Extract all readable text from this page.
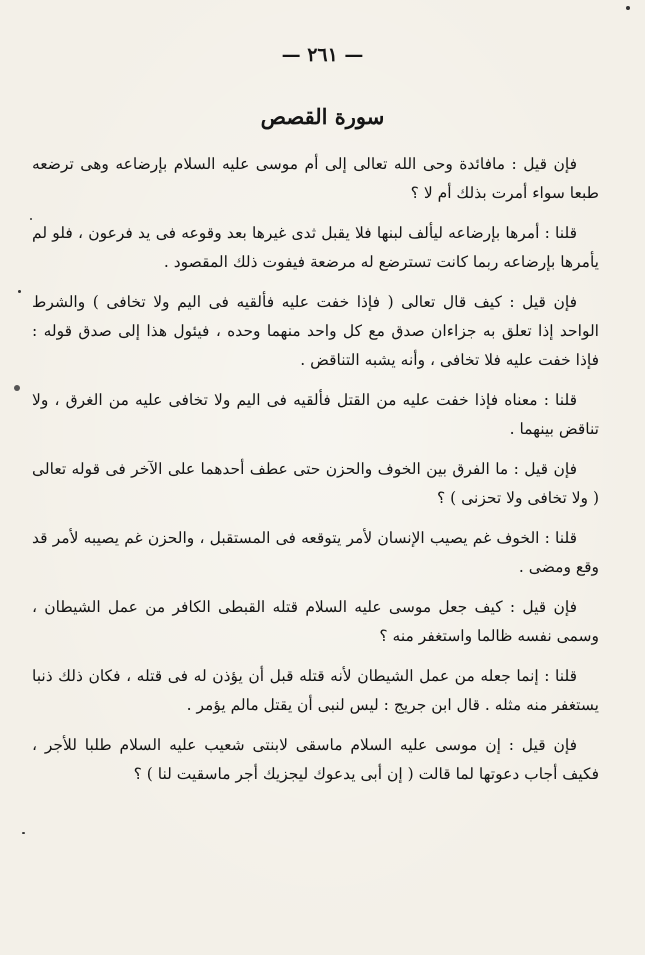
— ٢٦١ —
سورة القصص

فإن قيل : مافائدة وحى الله تعالى إلى أم موسى عليه السلام بإرضاعه وهى ترضعه طبعا سواء أمرت بذلك أم لا ؟

قلنا : أمرها بإرضاعه ليألف لبنها فلا يقبل ثدى غيرها بعد وقوعه فى يد فرعون ، فلو لم يأمرها بإرضاعه ربما كانت تسترضع له مرضعة فيفوت ذلك المقصود .

فإن قيل : كيف قال تعالى ( فإذا خفت عليه فألقيه فى اليم ولا تخافى ) والشرط الواحد إذا تعلق به جزاءان صدق مع كل واحد منهما وحده ، فيئول هذا إلى صدق قوله : فإذا خفت عليه فلا تخافى ، وأنه يشبه التناقض .

قلنا : معناه فإذا خفت عليه من القتل فألقيه فى اليم ولا تخافى عليه من الغرق ، ولا تناقض بينهما .

فإن قيل : ما الفرق بين الخوف والحزن حتى عطف أحدهما على الآخر فى قوله تعالى ( ولا تخافى ولا تحزنى ) ؟

قلنا : الخوف غم يصيب الإنسان لأمر يتوقعه فى المستقبل ، والحزن غم يصيبه لأمر قد وقع ومضى .

فإن قيل : كيف جعل موسى عليه السلام قتله القبطى الكافر من عمل الشيطان ، وسمى نفسه ظالما واستغفر منه ؟

قلنا : إنما جعله من عمل الشيطان لأنه قتله قبل أن يؤذن له فى قتله ، فكان ذلك ذنبا يستغفر منه مثله . قال ابن جريج : ليس لنبى أن يقتل مالم يؤمر .

فإن قيل : إن موسى عليه السلام ماسقى لابنتى شعيب عليه السلام طلبا للأجر ، فكيف أجاب دعوتها لما قالت ( إن أبى يدعوك ليجزيك أجر ماسقيت لنا ) ؟
